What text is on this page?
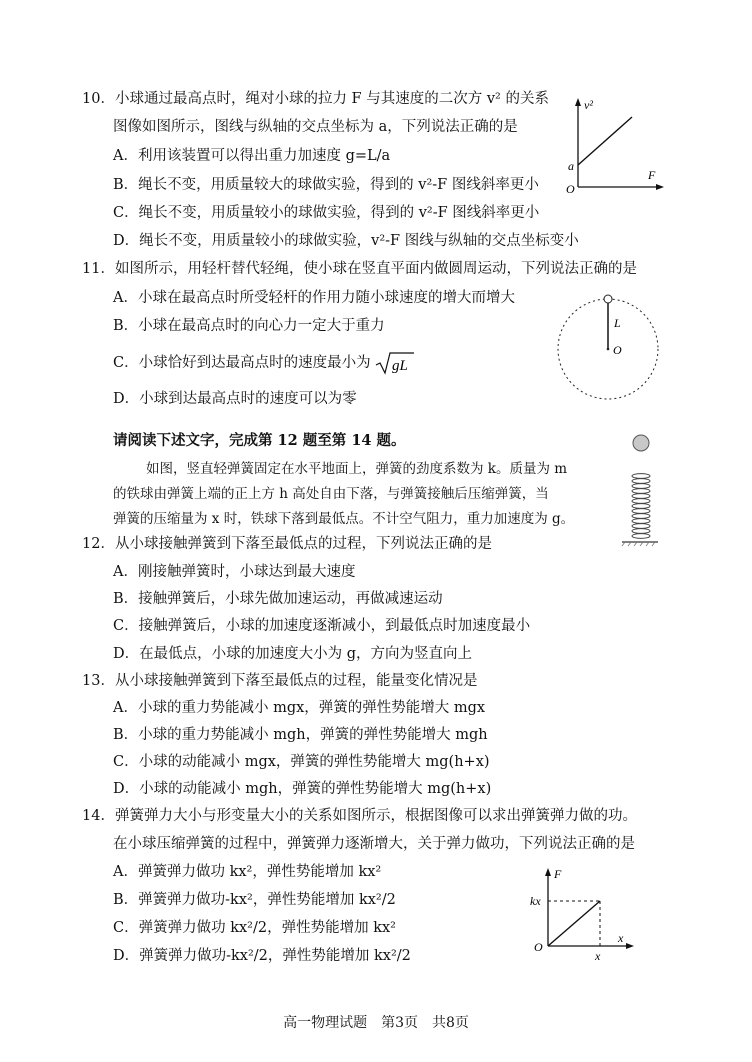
10．小球通过最高点时，绳对小球的拉力 F 与其速度的二次方 v² 的关系
图像如图所示，图线与纵轴的交点坐标为 a，下列说法正确的是
A．利用该装置可以得出重力加速度 g=L/a
B．绳长不变，用质量较大的球做实验，得到的 v²-F 图线斜率更小
C．绳长不变，用质量较小的球做实验，得到的 v²-F 图线斜率更小
D．绳长不变，用质量较小的球做实验，v²-F 图线与纵轴的交点坐标变小
v²
F
O
a
11．如图所示，用轻杆替代轻绳，使小球在竖直平面内做圆周运动，下列说法正确的是
A．小球在最高点时所受轻杆的作用力随小球速度的增大而增大
B．小球在最高点时的向心力一定大于重力
C．小球恰好到达最高点时的速度最小为 gL
D．小球到达最高点时的速度可以为零
L
O
请阅读下述文字，完成第 12 题至第 14 题。
如图，竖直轻弹簧固定在水平地面上，弹簧的劲度系数为 k。质量为 m
的铁球由弹簧上端的正上方 h 高处自由下落，与弹簧接触后压缩弹簧，当
弹簧的压缩量为 x 时，铁球下落到最低点。不计空气阻力，重力加速度为 g。
12．从小球接触弹簧到下落至最低点的过程，下列说法正确的是
A．刚接触弹簧时，小球达到最大速度
B．接触弹簧后，小球先做加速运动，再做减速运动
C．接触弹簧后，小球的加速度逐渐减小，到最低点时加速度最小
D．在最低点，小球的加速度大小为 g，方向为竖直向上
13．从小球接触弹簧到下落至最低点的过程，能量变化情况是
A．小球的重力势能减小 mgx，弹簧的弹性势能增大 mgx
B．小球的重力势能减小 mgh，弹簧的弹性势能增大 mgh
C．小球的动能减小 mgx，弹簧的弹性势能增大 mg(h+x)
D．小球的动能减小 mgh，弹簧的弹性势能增大 mg(h+x)
14．弹簧弹力大小与形变量大小的关系如图所示，根据图像可以求出弹簧弹力做的功。
在小球压缩弹簧的过程中，弹簧弹力逐渐增大，关于弹力做功，下列说法正确的是
A．弹簧弹力做功 kx²，弹性势能增加 kx²
B．弹簧弹力做功-kx²，弹性势能增加 kx²/2
C．弹簧弹力做功 kx²/2，弹性势能增加 kx²
D．弹簧弹力做功-kx²/2，弹性势能增加 kx²/2
F
x
O
kx
x
高一物理试题　第3页　共8页
